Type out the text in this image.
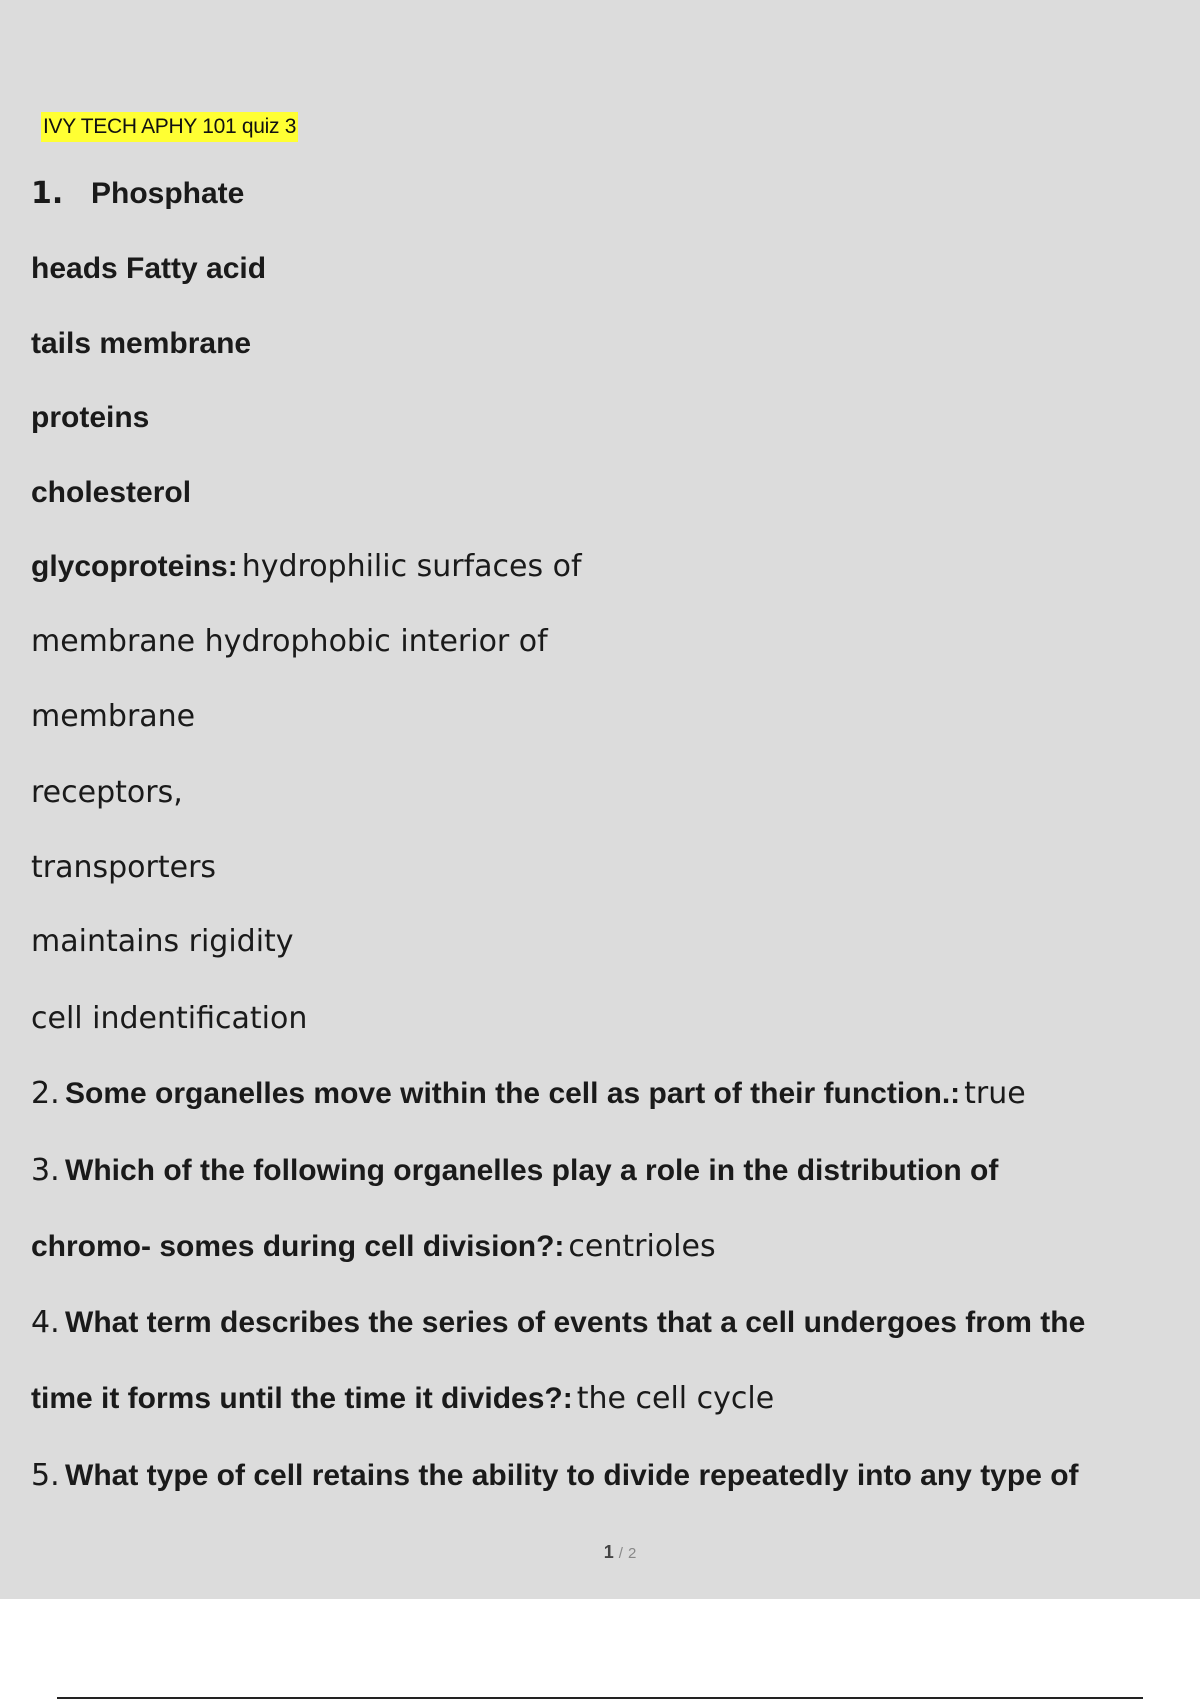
IVY TECH APHY 101 quiz 3
1. Phosphate
heads Fatty acid
tails membrane
proteins
cholesterol
glycoproteins: hydrophilic surfaces of
membrane hydrophobic interior of
membrane
receptors,
transporters
maintains rigidity
cell indentification
2. Some organelles move within the cell as part of their function.: true
3. Which of the following organelles play a role in the distribution of
chromo- somes during cell division?: centrioles
4. What term describes the series of events that a cell undergoes from the
time it forms until the time it divides?: the cell cycle
5. What type of cell retains the ability to divide repeatedly into any type of
1 / 2
